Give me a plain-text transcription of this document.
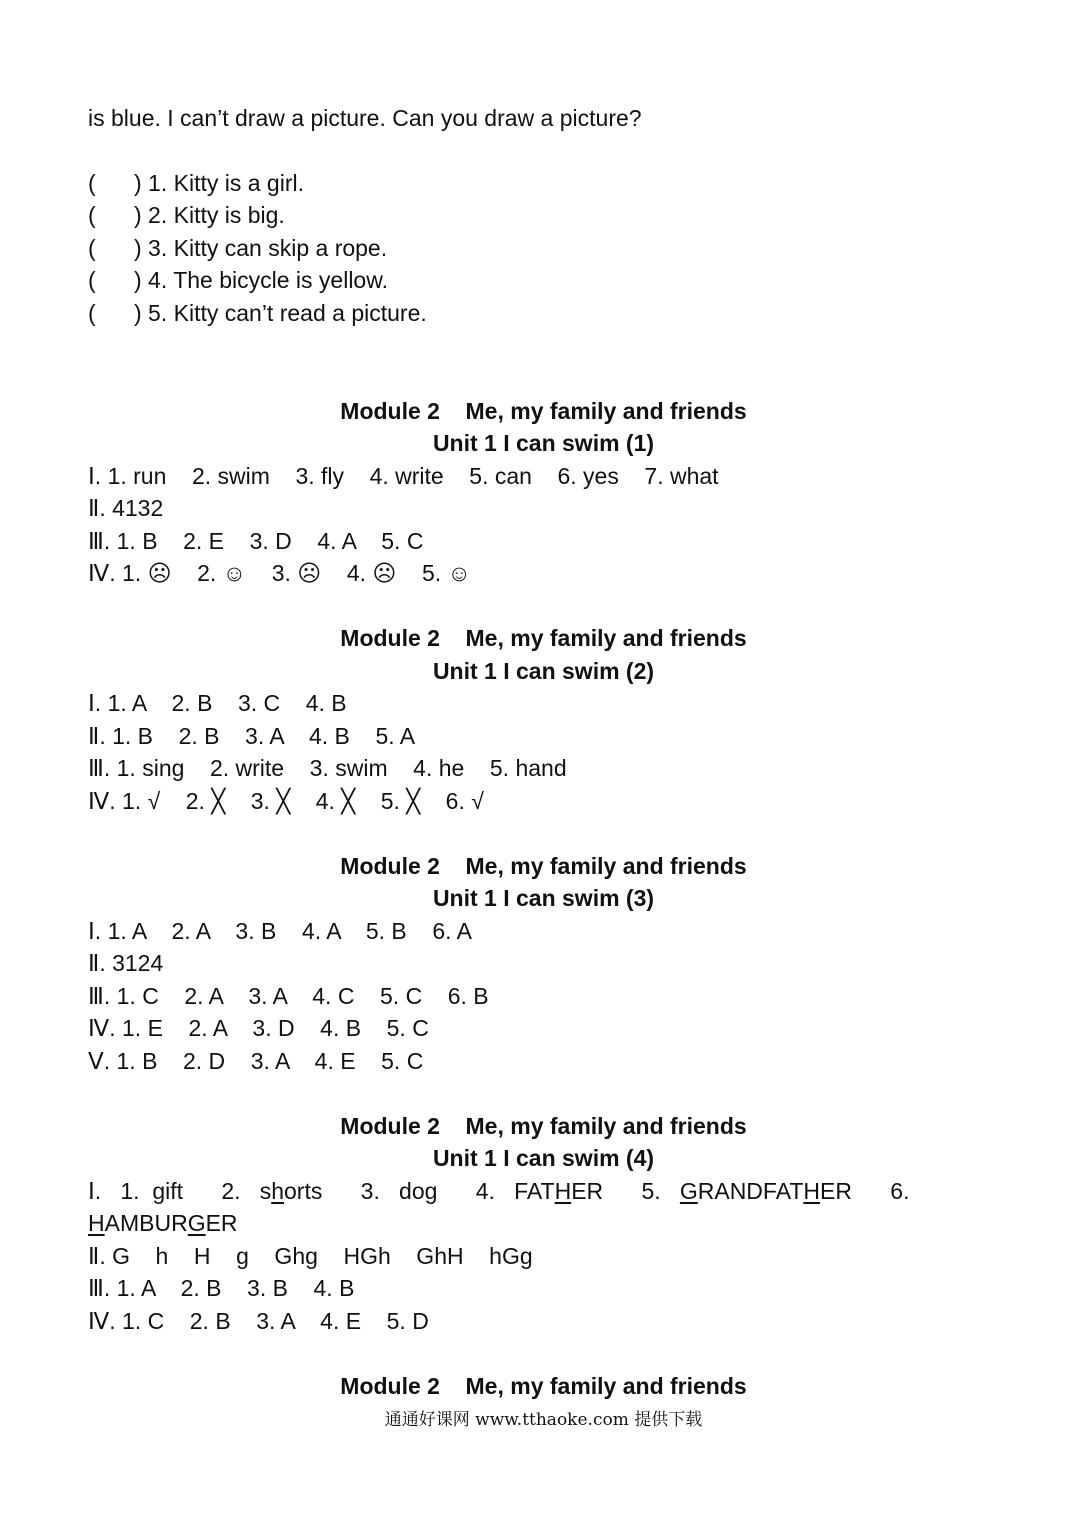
is blue. I can’t draw a picture. Can you draw a picture?

(      ) 1. Kitty is a girl.

(      ) 2. Kitty is big.

(      ) 3. Kitty can skip a rope.

(      ) 4. The bicycle is yellow.

(      ) 5. Kitty can’t read a picture.

Module 2    Me, my family and friends

Unit 1 I can swim (1)

Ⅰ. 1. run    2. swim    3. fly    4. write    5. can    6. yes    7. what

Ⅱ. 4132

Ⅲ. 1. B    2. E    3. D    4. A    5. C

Ⅳ. 1. ☹    2. ☺    3. ☹    4. ☹    5. ☺

Module 2    Me, my family and friends

Unit 1 I can swim (2)

Ⅰ. 1. A    2. B    3. C    4. B

Ⅱ. 1. B    2. B    3. A    4. B    5. A

Ⅲ. 1. sing    2. write    3. swim    4. he    5. hand

Ⅳ. 1. √    2. ╳    3. ╳    4. ╳    5. ╳    6. √

Module 2    Me, my family and friends

Unit 1 I can swim (3)

Ⅰ. 1. A    2. A    3. B    4. A    5. B    6. A

Ⅱ. 3124

Ⅲ. 1. C    2. A    3. A    4. C    5. C    6. B

Ⅳ. 1. E    2. A    3. D    4. B    5. C

Ⅴ. 1. B    2. D    3. A    4. E    5. C

Module 2    Me, my family and friends

Unit 1 I can swim (4)

Ⅰ.   1.  gift      2.   shorts      3.   dog      4.   FATHER      5.   GRANDFATHER      6.

HAMBURGER

Ⅱ. G    h    H    g    Ghg    HGh    GhH    hGg

Ⅲ. 1. A    2. B    3. B    4. B

Ⅳ. 1. C    2. B    3. A    4. E    5. D

Module 2    Me, my family and friends

通通好课网 www.tthaoke.com 提供下载
